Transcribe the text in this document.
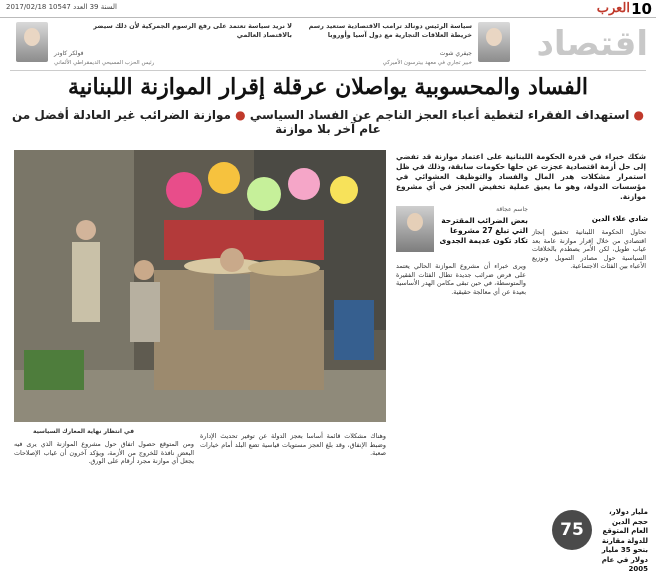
10
العرب
السنة 39 العدد 10547 2017/02/18
اقتصاد
سياسة الرئيس دونالد ترامب الاقتصادية ستعيد رسم خريطة العلاقات التجارية مع دول آسيا وأوروبا
جيفري شوت
خبير تجاري في معهد بيترسون الأميركي
لا نريد سياسة تعتمد على رفع الرسوم الجمركية لأن ذلك سيضر بالاقتصاد العالمي
فولكر كاودر
رئيس الحزب المسيحي الديمقراطي الألماني
الفساد والمحسوبية يواصلان عرقلة إقرار الموازنة اللبنانية
● استهداف الفقراء لتغطية أعباء العجز الناجم عن الفساد السياسي ● موازنة الضرائب غير العادلة أفضل من عام آخر بلا موازنة
شكك خبراء في قدرة الحكومة اللبنانية على اعتماد موازنة قد تفضي إلى حل أزمة اقتصادية عجزت عن حلها حكومات سابقة، وذلك في ظل استمرار مشكلات هدر المال والفساد والتوظيف العشوائي في مؤسسات الدولة، وهو ما يعيق عملية تخفيض العجز في أي مشروع موازنة.
شادي علاء الدين
جاسم عجاقة
بعض الضرائب المقترحة التي تبلغ 27 مشروعا تكاد تكون عديمة الجدوى
تحاول الحكومة اللبنانية تحقيق إنجاز اقتصادي من خلال إقرار موازنة عامة بعد غياب طويل، لكن الأمر يصطدم بالخلافات السياسية حول مصادر التمويل وتوزيع الأعباء بين الفئات الاجتماعية.
ويرى خبراء أن مشروع الموازنة الحالي يعتمد على فرض ضرائب جديدة تطال الفئات الفقيرة والمتوسطة، في حين تبقى مكامن الهدر الأساسية بعيدة عن أي معالجة حقيقية.
ومن المتوقع حصول اتفاق حول مشروع الموازنة الذي يرى فيه البعض نافذة للخروج من الأزمة، ويؤكد آخرون أن غياب الإصلاحات يجعل أي موازنة مجرد أرقام على الورق.
وهناك مشكلات قائمة أساسا بعجز الدولة عن توفير تحديث الإدارة وضبط الإنفاق، وقد بلغ العجز مستويات قياسية تضع البلد أمام خيارات صعبة.
في انتظار نهاية المعارك السياسية
75
مليار دولار، حجم الدين العام المتوقع للدولة مقارنة بنحو 35 مليار دولار في عام 2005
